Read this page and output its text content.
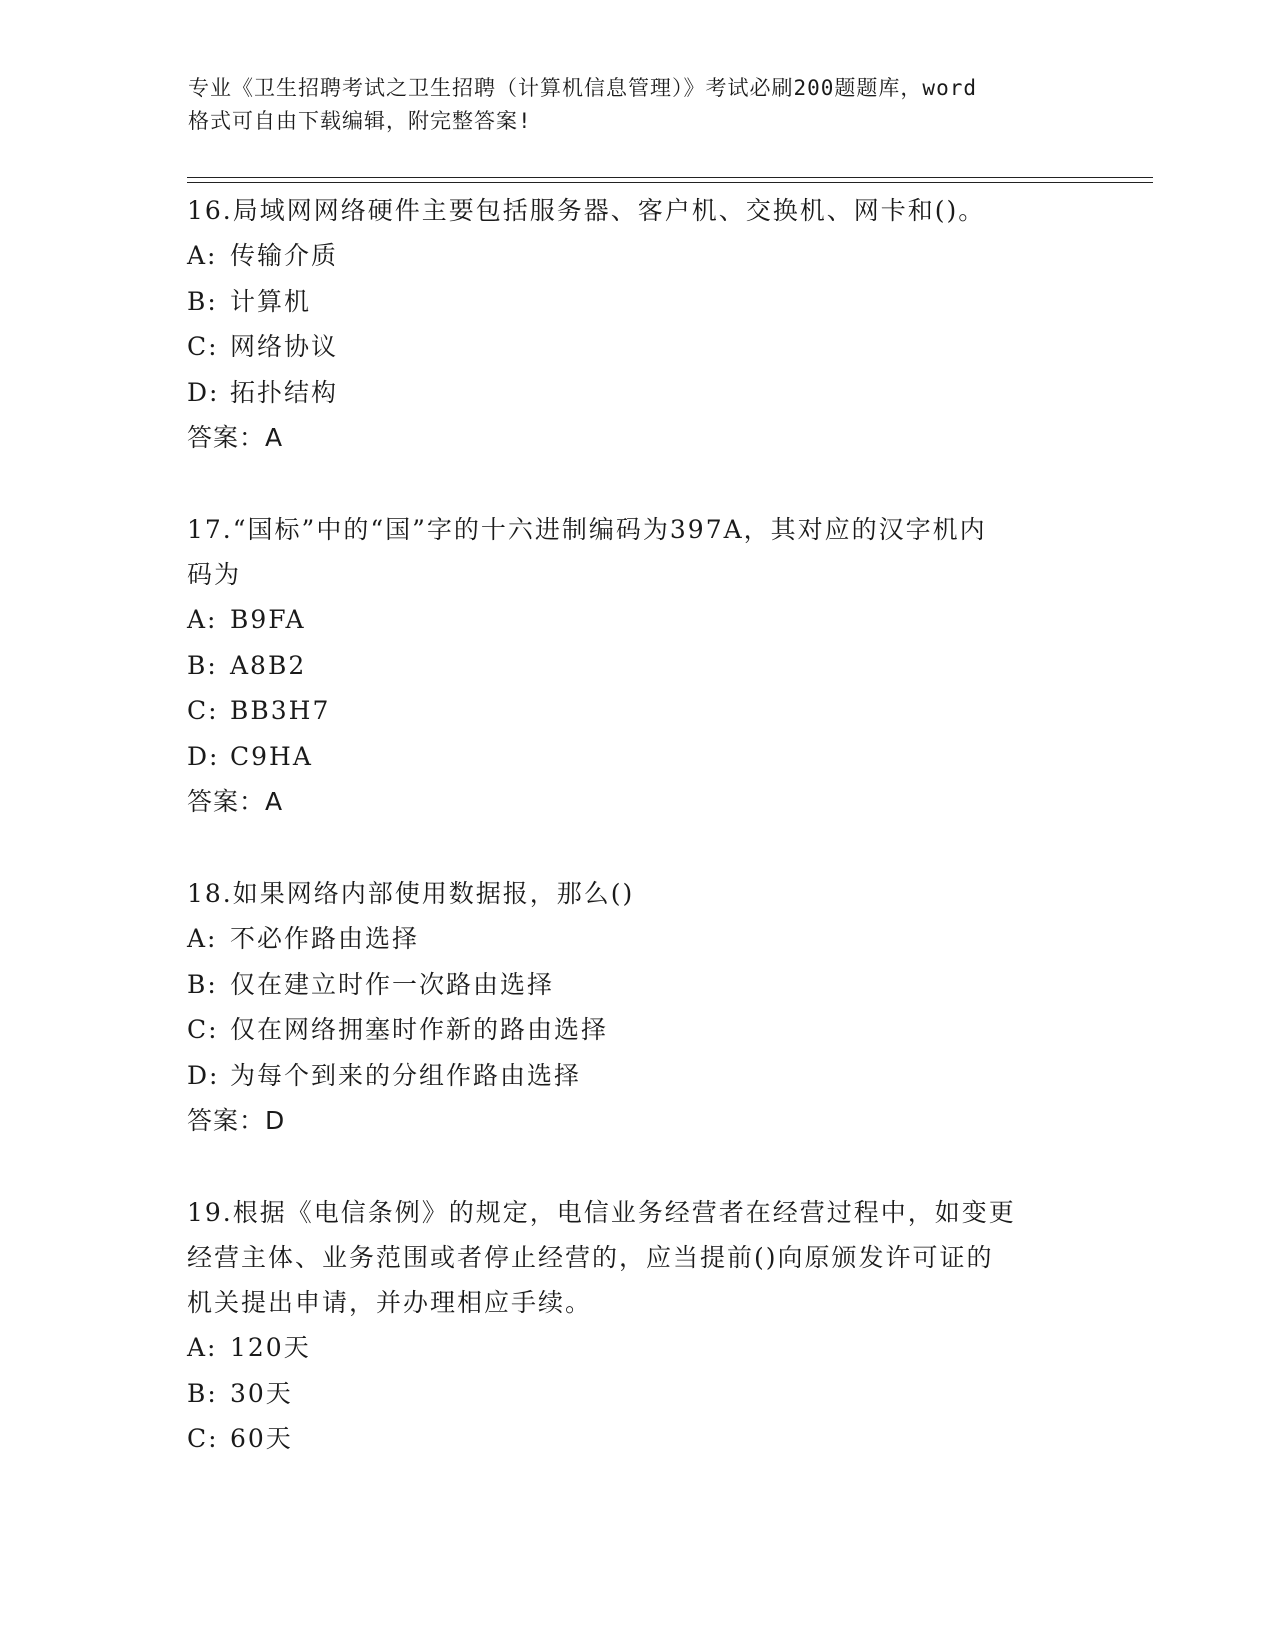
专业《卫生招聘考试之卫生招聘（计算机信息管理）》考试必刷200题题库，word
格式可自由下载编辑，附完整答案!

16.局域网网络硬件主要包括服务器、客户机、交换机、网卡和()。

A: 传输介质

B: 计算机

C: 网络协议

D: 拓扑结构

答案：A

17.“国标”中的“国”字的十六进制编码为397A，其对应的汉字机内

码为

A: B9FA

B: A8B2

C: BB3H7

D: C9HA

答案：A

18.如果网络内部使用数据报，那么()

A: 不必作路由选择

B: 仅在建立时作一次路由选择

C: 仅在网络拥塞时作新的路由选择

D: 为每个到来的分组作路由选择

答案：D

19.根据《电信条例》的规定，电信业务经营者在经营过程中，如变更

经营主体、业务范围或者停止经营的，应当提前()向原颁发许可证的

机关提出申请，并办理相应手续。

A: 120天

B: 30天

C: 60天
